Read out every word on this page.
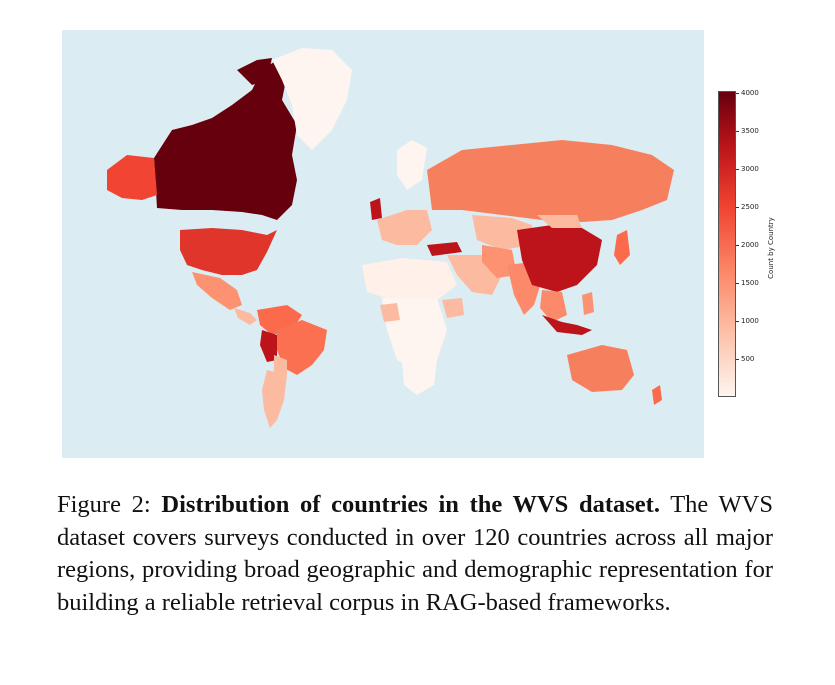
4000
3500
3000
2500
2000
1500
1000
500
Count by Country
Figure 2: Distribution of countries in the WVS dataset. The WVS dataset covers surveys conducted in over 120 countries across all major regions, providing broad geographic and demographic representation for building a reliable retrieval corpus in RAG-based frameworks.
